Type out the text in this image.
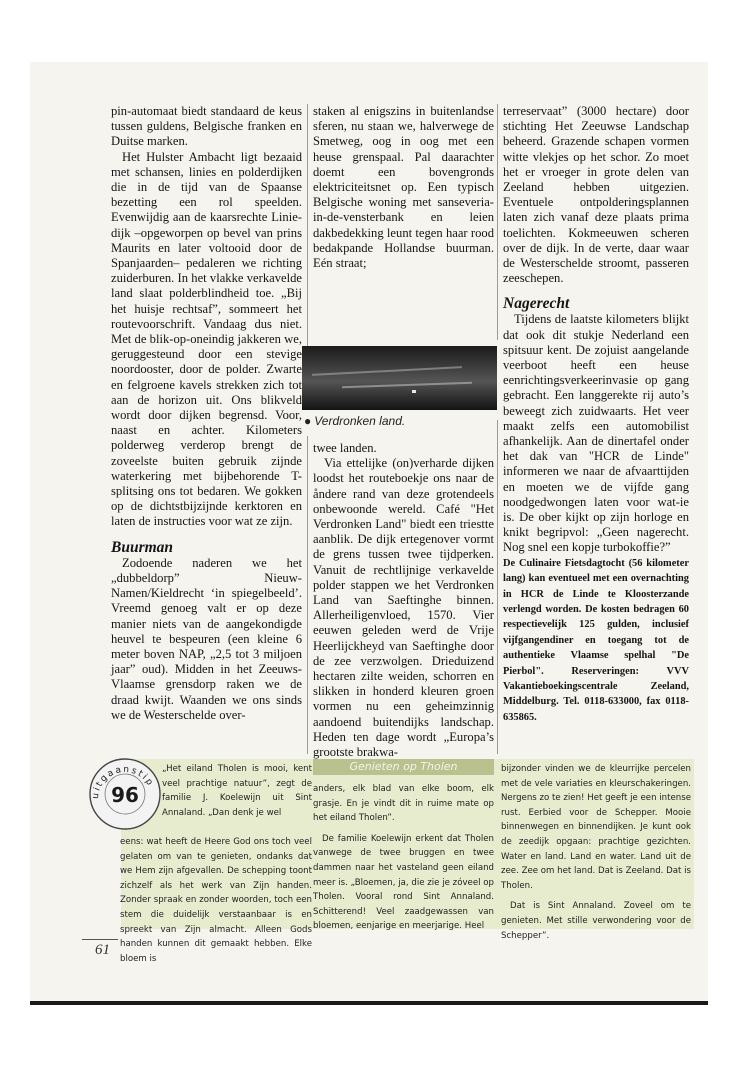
pin-automaat biedt standaard de keus tussen guldens, Belgische franken en Duitse marken.

Het Hulster Ambacht ligt bezaaid met schansen, linies en polderdijken die in de tijd van de Spaanse bezetting een rol speelden. Evenwijdig aan de kaarsrechte Linie-dijk –opgeworpen op bevel van prins Maurits en later voltooid door de Spanjaarden– pedaleren we richting zuiderburen. In het vlakke verkavelde land slaat polderblindheid toe. „Bij het huisje rechtsaf”, sommeert het routevoorschrift. Vandaag dus niet. Met de blik-op-oneindig jakkeren we, geruggesteund door een stevige noordooster, door de polder. Zwarte en felgroene kavels strekken zich tot aan de horizon uit. Ons blikveld wordt door dijken begrensd. Voor, naast en achter. Kilometers polderweg verderop brengt de zoveelste buiten gebruik zijnde waterkering met bijbehorende T-splitsing ons tot bedaren. We gokken op de dichtstbijzijnde kerktoren en laten de instructies voor wat ze zijn.

Buurman

Zodoende naderen we het „dubbeldorp” Nieuw-Namen/Kieldrecht ‘in spiegelbeeld’. Vreemd genoeg valt er op deze manier niets van de aangekondigde heuvel te bespeuren (een kleine 6 meter boven NAP, „2,5 tot 3 miljoen jaar” oud). Midden in het Zeeuws-Vlaamse grensdorp raken we de draad kwijt. Waanden we ons sinds we de Westerschelde over-

staken al enigszins in buitenlandse sferen, nu staan we, halverwege de Smetweg, oog in oog met een heuse grenspaal. Pal daarachter doemt een bovengronds elektriciteitsnet op. Een typisch Belgische woning met sanseveria-in-de-vensterbank en leien dakbedekking leunt tegen haar rood bedakpande Hollandse buurman. Eén straat;

● Verdronken land.

twee landen.

Via ettelijke (on)verharde dijken loodst het routeboekje ons naar de åndere rand van deze grotendeels onbewoonde wereld. Café "Het Verdronken Land" biedt een triestte aanblik. De dijk ertegenover vormt de grens tussen twee tijdperken. Vanuit de rechtlijnige verkavelde polder stappen we het Verdronken Land van Saeftinghe binnen. Allerheiligenvloed, 1570. Vier eeuwen geleden werd de Vrije Heerlijckheyd van Saeftinghe door de zee verzwolgen. Drieduizend hectaren zilte weiden, schorren en slikken in honderd kleuren groen vormen nu een geheimzinnig aandoend buitendijks landschap. Heden ten dage wordt „Europa’s grootste brakwa-

terreservaat” (3000 hectare) door stichting Het Zeeuwse Landschap beheerd. Grazende schapen vormen witte vlekjes op het schor. Zo moet het er vroeger in grote delen van Zeeland hebben uitgezien. Eventuele ontpolderingsplannen laten zich vanaf deze plaats prima toelichten. Kokmeeuwen scheren over de dijk. In de verte, daar waar de Westerschelde stroomt, passeren zeeschepen.

Nagerecht

Tijdens de laatste kilometers blijkt dat ook dit stukje Nederland een spitsuur kent. De zojuist aangelande veerboot heeft een heuse eenrichtingsverkeerinvasie op gang gebracht. Een langgerekte rij auto’s beweegt zich zuidwaarts. Het veer maakt zelfs een automobilist afhankelijk. Aan de dinertafel onder het dak van "HCR de Linde" informeren we naar de afvaarttijden en moeten we de vijfde gang noodgedwongen laten voor wat-ie is. De ober kijkt op zijn horloge en knikt begripvol: „Geen nagerecht. Nog snel een kopje turbokoffie?”

De Culinaire Fietsdagtocht (56 kilometer lang) kan eventueel met een overnachting in HCR de Linde te Kloosterzande verlengd worden. De kosten bedragen 60 respectievelijk 125 gulden, inclusief vijfgangendiner en toegang tot de authentieke Vlaamse spelhal "De Pierbol". Reserveringen: VVV Vakantieboekingscentrale Zeeland, Middelburg. Tel. 0118-633000, fax 0118-635865.

Genieten op Tholen
uitgaanstip
96

„Het eiland Tholen is mooi, kent veel prachtige natuur”, zegt de familie J. Koelewijn uit Sint Annaland. „Dan denk je wel

eens: wat heeft de Heere God ons toch veel gelaten om van te genieten, ondanks dat we Hem zijn afgevallen. De schepping toont zichzelf als het werk van Zijn handen. Zonder spraak en zonder woorden, toch een stem die duidelijk verstaanbaar is en spreekt van Zijn almacht. Alleen Gods handen kunnen dit gemaakt hebben. Elke bloem is

anders, elk blad van elke boom, elk grasje. En je vindt dit in ruime mate op het eiland Tholen”.

De familie Koelewijn erkent dat Tholen vanwege de twee bruggen en twee dammen naar het vasteland geen eiland meer is. „Bloemen, ja, die zie je zóveel op Tholen. Vooral rond Sint Annaland. Schitterend! Veel zaadgewassen van bloemen, eenjarige en meerjarige. Heel

bijzonder vinden we de kleurrijke percelen met de vele variaties en kleurschakeringen. Nergens zo te zien! Het geeft je een intense rust. Eerbied voor de Schepper. Mooie binnenwegen en binnendijken. Je kunt ook de zeedijk opgaan: prachtige gezichten. Water en land. Land en water. Land uit de zee. Zee om het land. Dat is Zeeland. Dat is Tholen.

Dat is Sint Annaland. Zoveel om te genieten. Met stille verwondering voor de Schepper”.

61
